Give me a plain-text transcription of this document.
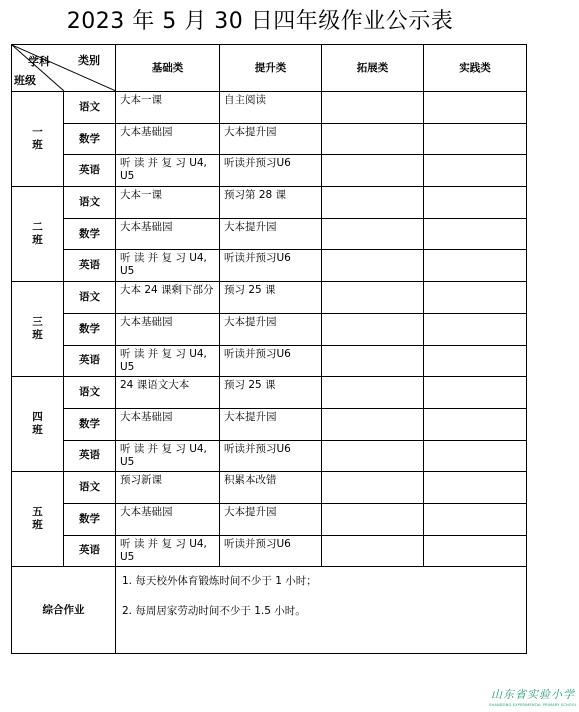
2023 年 5 月 30 日四年级作业公示表
学科 类别
班级		基础类	提升类	拓展类	实践类
一
班	语文	大本一课	自主阅读		
	数学	大本基础园	大本提升园		
	英语	听 读 并 复 习 U4, U5	听读并预习U6		
二
班	语文	大本一课	预习第 28 课		
	数学	大本基础园	大本提升园		
	英语	听 读 并 复 习 U4, U5	听读并预习U6		
三
班	语文	大本 24 课剩下部分	预习 25 课		
	数学	大本基础园	大本提升园		
	英语	听 读 并 复 习 U4, U5	听读并预习U6		
四
班	语文	24 课语文大本	预习 25 课		
	数学	大本基础园	大本提升园		
	英语	听 读 并 复 习 U4, U5	听读并预习U6		
五
班	语文	预习新课	积累本改错		
	数学	大本基础园	大本提升园		
	英语	听 读 并 复 习 U4, U5	听读并预习U6		
综合作业		1. 每天校外体育锻炼时间不少于 1 小时；

2. 每周居家劳动时间不少于 1.5 小时。			

山东省实验小学
SHANDONG EXPERIMENTAL PRIMARY SCHOOL
